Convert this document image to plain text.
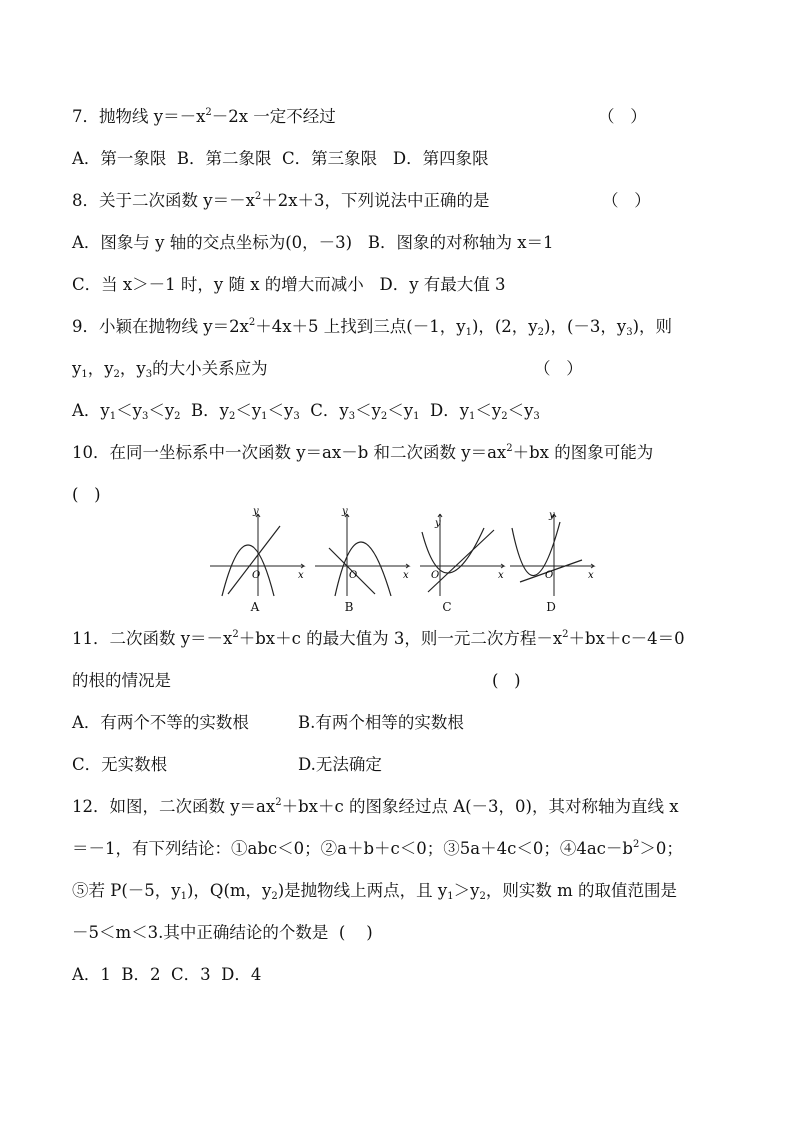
7．抛物线 $y=-x^2-2x$ 一定不经过	（   ）
A．第一象限  B．第二象限  C．第三象限   D．第四象限
8．关于二次函数 $y=-x^2+2x+3$，下列说法中正确的是	（   ）
A．图象与 y 轴的交点坐标为(0，－3)   B．图象的对称轴为 x＝1
C．当 x＞－1 时，y 随 x 的增大而减小   D．y 有最大值 3
9．小颖在抛物线 $y=2x^2+4x+5$ 上找到三点(－1，$y_1$)，(2，$y_2$)，(－3，$y_3$)，则
$y_1$，$y_2$，$y_3$的大小关系应为	（   ）
A．$y_1<y_3<y_2$  B．$y_2<y_1<y_3$  C．$y_3<y_2<y_1$  D．$y_1<y_2<y_3$
10．在同一坐标系中一次函数 y＝ax－b 和二次函数 $y=ax^2+bx$ 的图象可能为
(   )
y
x
O
y
x
O
y
x
O
y
x
O
A	B	C	D
11．二次函数 $y=-x^2+bx+c$ 的最大值为 3，则一元二次方程$-x^2+bx+c-4=0$
的根的情况是	(   )
A．有两个不等的实数根	B.有两个相等的实数根
C．无实数根	D.无法确定
12．如图，二次函数 $y=ax^2+bx+c$ 的图象经过点 A(－3，0)，其对称轴为直线 x
＝－1，有下列结论：①abc＜0；②a＋b＋c＜0；③5a＋4c＜0；$④4ac-b^2>0$；
⑤若 P(－5，$y_1$)，Q(m，$y_2$)是抛物线上两点，且 $y_1>y_2$，则实数 m 的取值范围是
－5＜m＜3.其中正确结论的个数是  (    )
A．1  B．2  C．3  D．4
